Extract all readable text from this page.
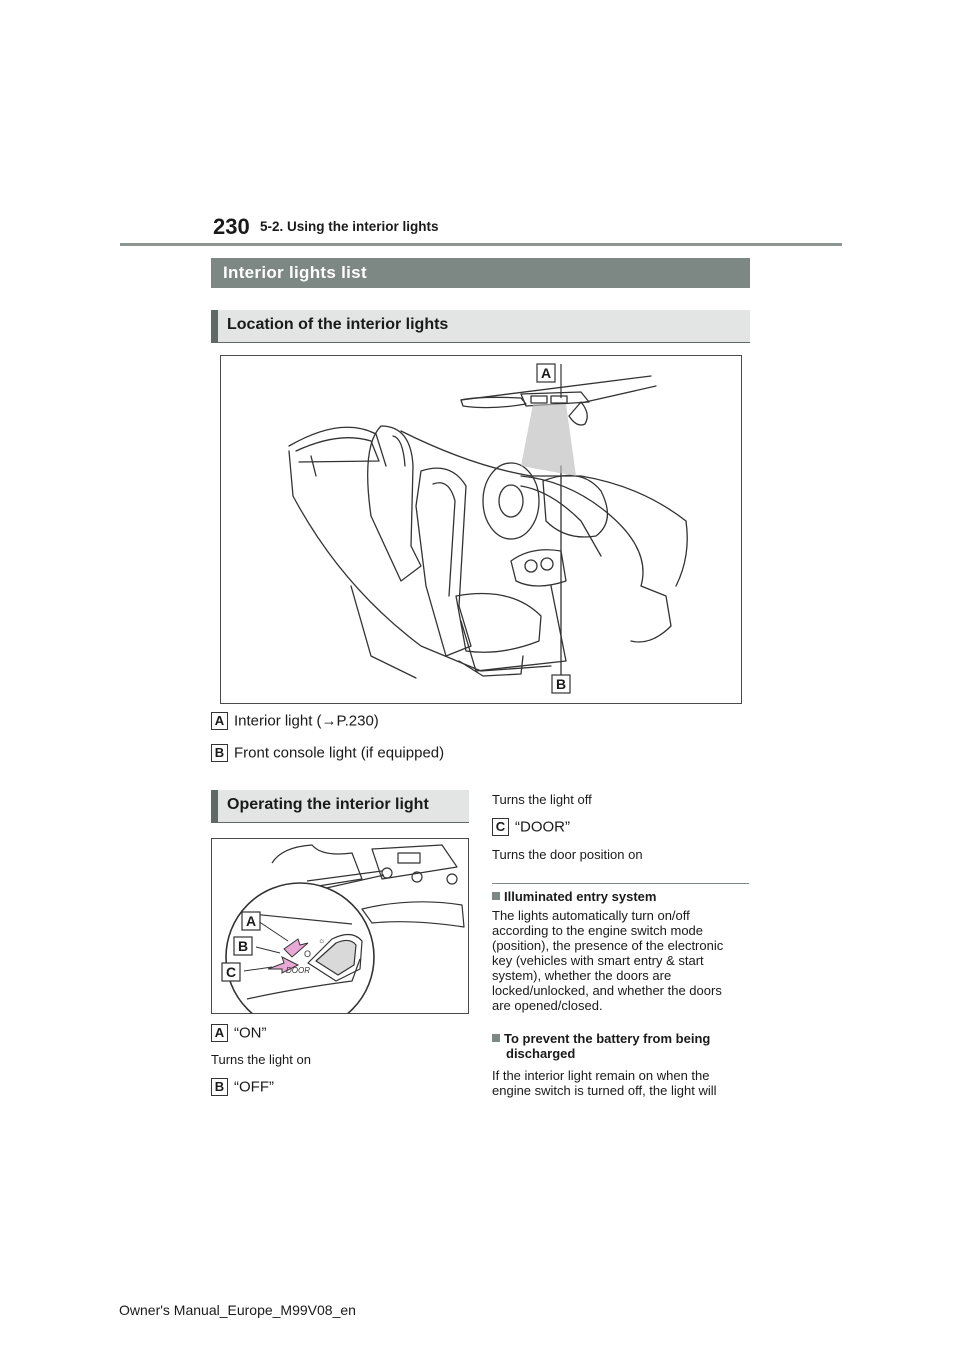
230 5-2. Using the interior lights
Interior lights list
Location of the interior lights
A
B
A Interior light (→P.230)
B Front console light (if equipped)
Operating the interior light
☼
O
DOOR
A
B
C
A “ON”
Turns the light on
B “OFF”
Turns the light off
C “DOOR”
Turns the door position on
Illuminated entry system
The lights automatically turn on/off
according to the engine switch mode
(position), the presence of the electronic
key (vehicles with smart entry & start
system), whether the doors are
locked/unlocked, and whether the doors
are opened/closed.
To prevent the battery from being
discharged
If the interior light remain on when the
engine switch is turned off, the light will
Owner's Manual_Europe_M99V08_en
